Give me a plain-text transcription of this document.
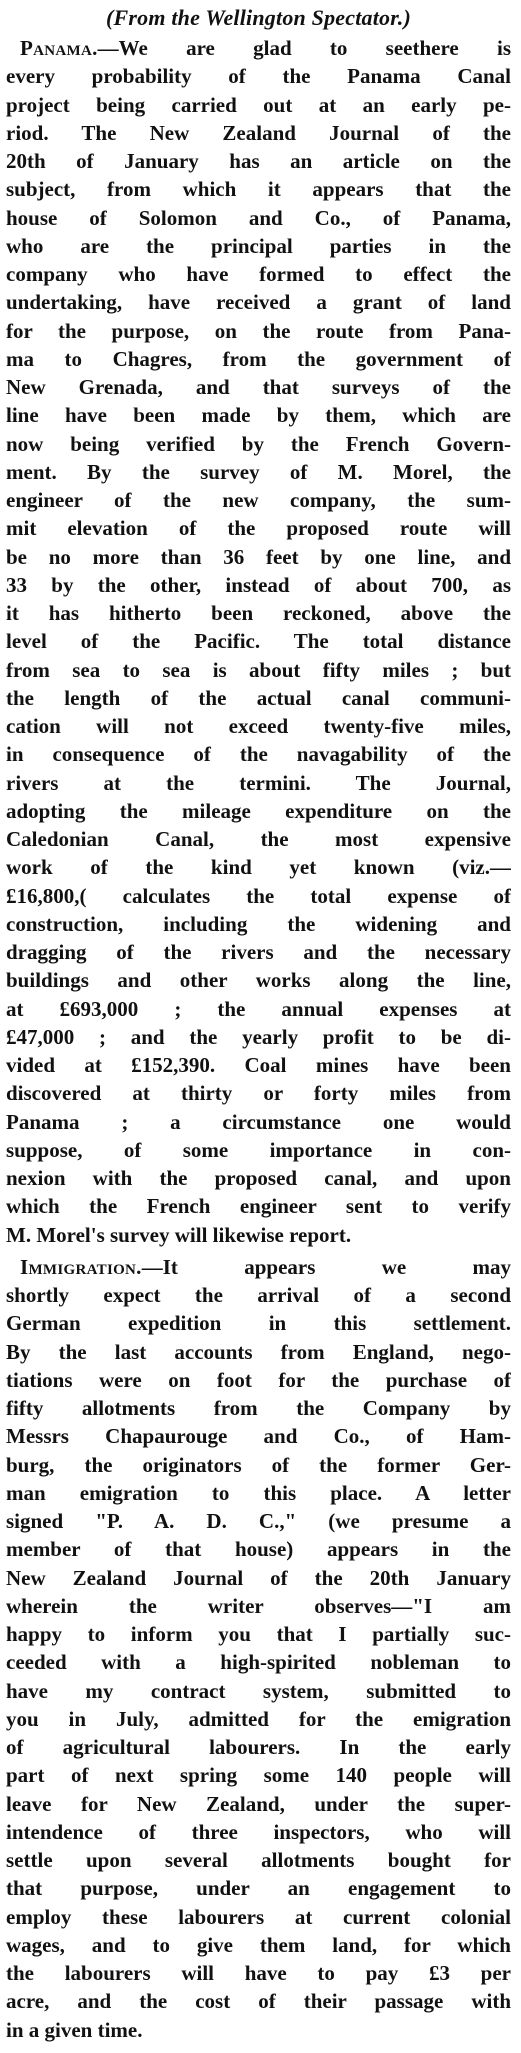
(From the Wellington Spectator.)
Panama.—We are glad to seethere is
every probability of the Panama Canal
project being carried out at an early pe-
riod. The New Zealand Journal of the
20th of January has an article on the
subject, from which it appears that the
house of Solomon and Co., of Panama,
who are the principal parties in the
company who have formed to effect the
undertaking, have received a grant of land
for the purpose, on the route from Pana-
ma to Chagres, from the government of
New Grenada, and that surveys of the
line have been made by them, which are
now being verified by the French Govern-
ment. By the survey of M. Morel, the
engineer of the new company, the sum-
mit elevation of the proposed route will
be no more than 36 feet by one line, and
33 by the other, instead of about 700, as
it has hitherto been reckoned, above the
level of the Pacific. The total distance
from sea to sea is about fifty miles ; but
the length of the actual canal communi-
cation will not exceed twenty-five miles,
in consequence of the navagability of the
rivers at the termini. The Journal,
adopting the mileage expenditure on the
Caledonian Canal, the most expensive
work of the kind yet known (viz.—
£16,800,( calculates the total expense of
construction, including the widening and
dragging of the rivers and the necessary
buildings and other works along the line,
at £693,000 ; the annual expenses at
£47,000 ; and the yearly profit to be di-
vided at £152,390. Coal mines have been
discovered at thirty or forty miles from
Panama ; a circumstance one would
suppose, of some importance in con-
nexion with the proposed canal, and upon
which the French engineer sent to verify
M. Morel's survey will likewise report.
Immigration.—It appears we may
shortly expect the arrival of a second
German expedition in this settlement.
By the last accounts from England, nego-
tiations were on foot for the purchase of
fifty allotments from the Company by
Messrs Chapaurouge and Co., of Ham-
burg, the originators of the former Ger-
man emigration to this place. A letter
signed "P. A. D. C.," (we presume a
member of that house) appears in the
New Zealand Journal of the 20th January
wherein the writer observes—"I am
happy to inform you that I partially suc-
ceeded with a high-spirited nobleman to
have my contract system, submitted to
you in July, admitted for the emigration
of agricultural labourers. In the early
part of next spring some 140 people will
leave for New Zealand, under the super-
intendence of three inspectors, who will
settle upon several allotments bought for
that purpose, under an engagement to
employ these labourers at current colonial
wages, and to give them land, for which
the labourers will have to pay £3 per
acre, and the cost of their passage with
in a given time.
